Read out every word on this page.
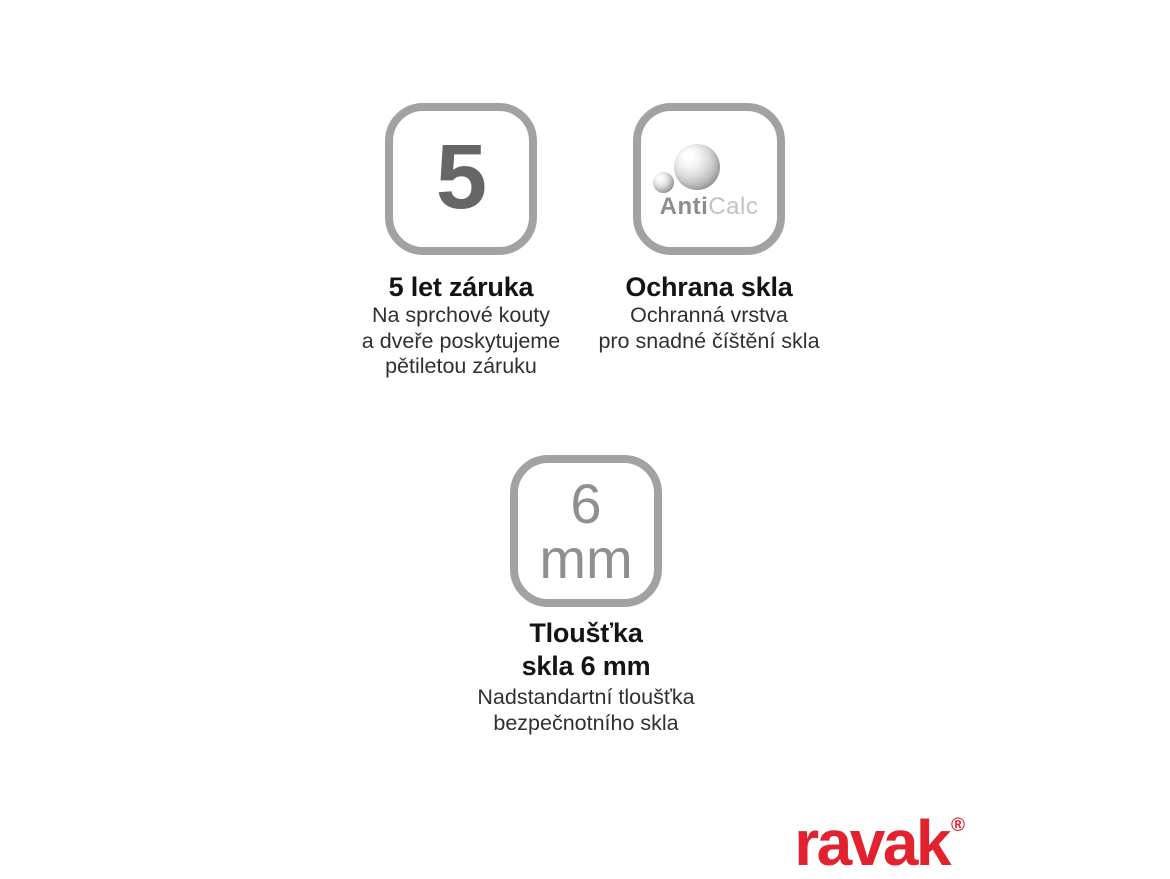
5
5 let záruka
Na sprchové kouty
a dveře poskytujeme
pětiletou záruku
AntiCalc
Ochrana skla
Ochranná vrstva
pro snadné číštění skla
6
mm
Tloušťka
skla 6 mm
Nadstandartní tloušťka
bezpečnotního skla
ravak ®
